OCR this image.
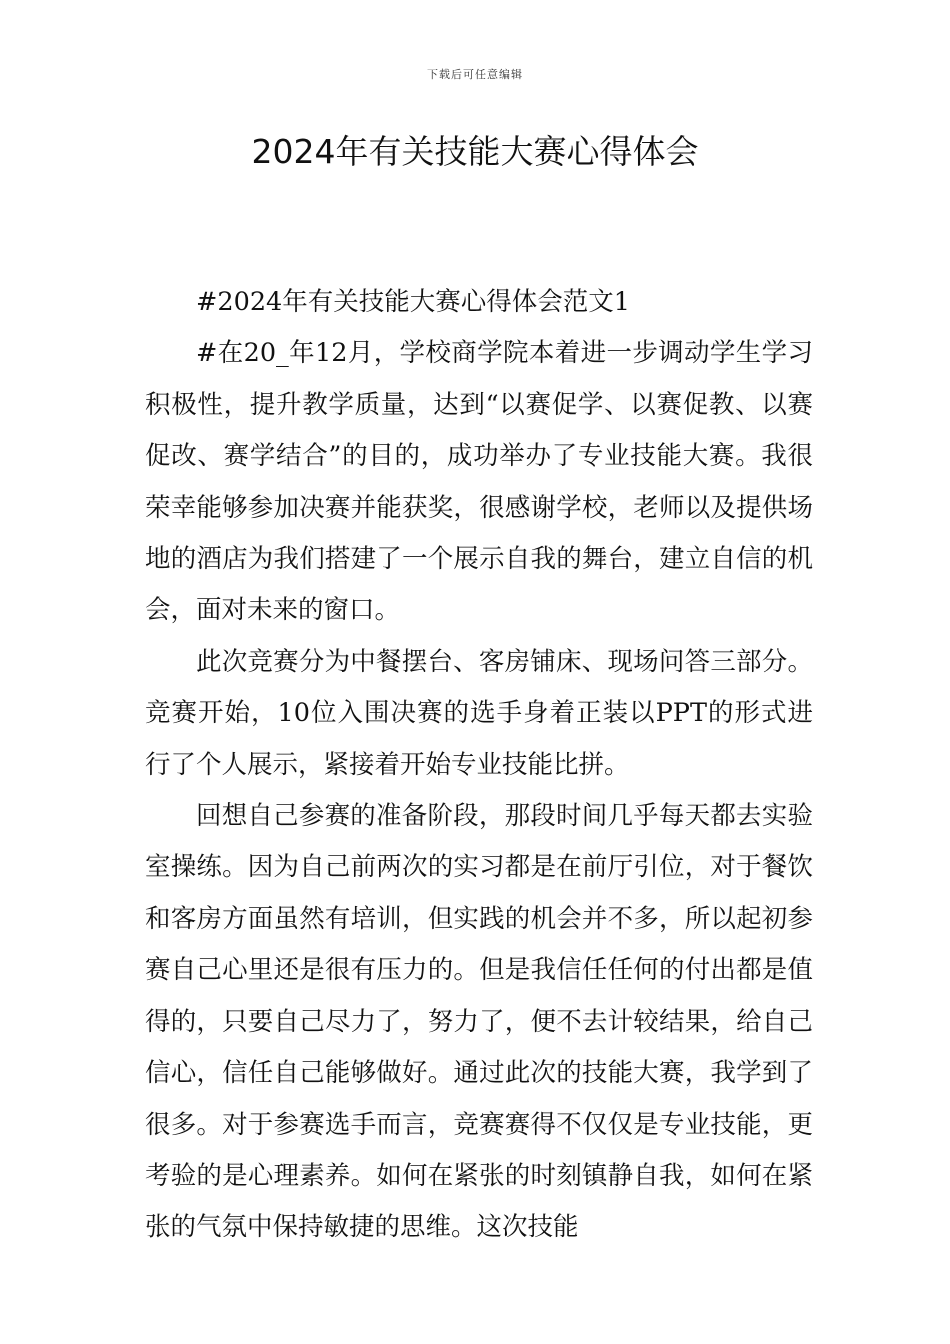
下载后可任意编辑
2024年有关技能大赛心得体会

#2024年有关技能大赛心得体会范文1

#在20_年12月，学校商学院本着进一步调动学生学习积极性，提升教学质量，达到“以赛促学、以赛促教、以赛促改、赛学结合”的目的，成功举办了专业技能大赛。我很荣幸能够参加决赛并能获奖，很感谢学校，老师以及提供场地的酒店为我们搭建了一个展示自我的舞台，建立自信的机会，面对未来的窗口。

此次竞赛分为中餐摆台、客房铺床、现场问答三部分。竞赛开始，10位入围决赛的选手身着正装以PPT的形式进行了个人展示，紧接着开始专业技能比拼。

回想自己参赛的准备阶段，那段时间几乎每天都去实验室操练。因为自己前两次的实习都是在前厅引位，对于餐饮和客房方面虽然有培训，但实践的机会并不多，所以起初参赛自己心里还是很有压力的。但是我信任任何的付出都是值得的，只要自己尽力了，努力了，便不去计较结果，给自己信心，信任自己能够做好。通过此次的技能大赛，我学到了很多。对于参赛选手而言，竞赛赛得不仅仅是专业技能，更考验的是心理素养。如何在紧张的时刻镇静自我，如何在紧张的气氛中保持敏捷的思维。这次技能
